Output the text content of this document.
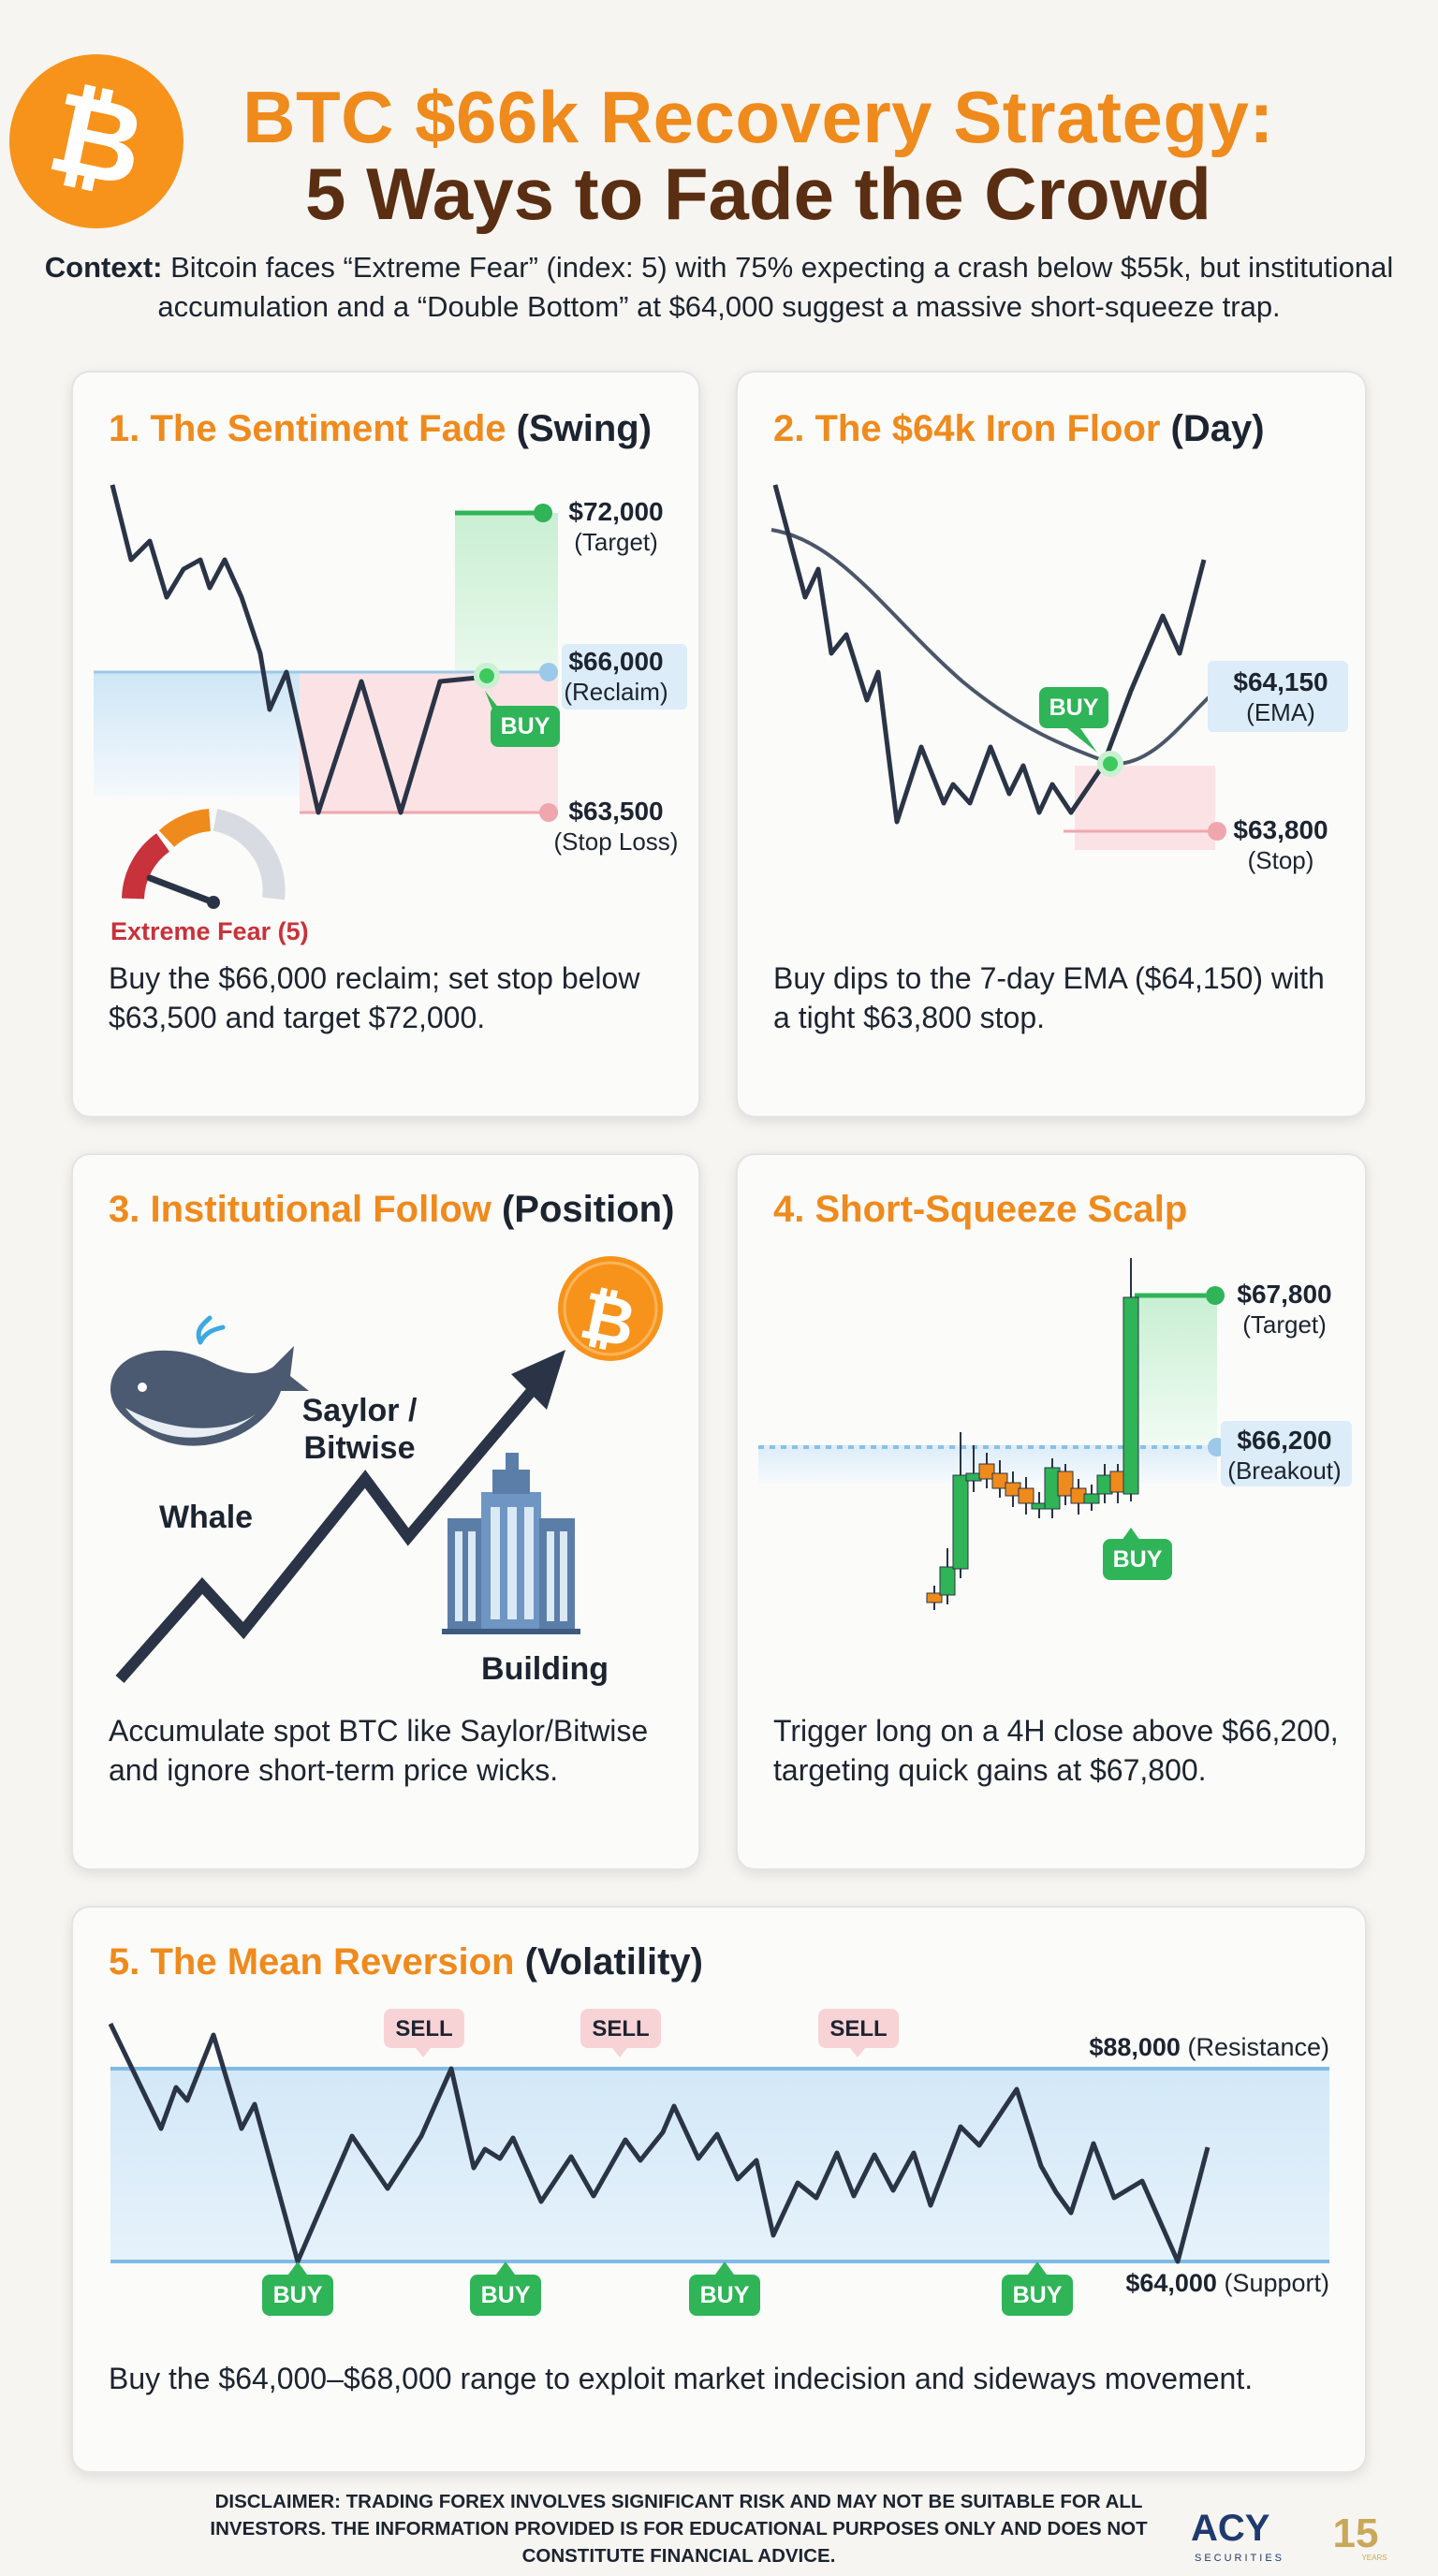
₿	BTC $66k Recovery Strategy:
5 Ways to Fade the Crowd
Context: Bitcoin faces “Extreme Fear” (index: 5) with 75% expecting a crash below $55k, but institutional accumulation and a “Double Bottom” at $64,000 suggest a massive short-squeeze trap.
1. The Sentiment Fade (Swing)
BUY
$72,000
(Target)
$66,000
(Reclaim)
$63,500
(Stop Loss)
Extreme Fear (5)
Buy the $66,000 reclaim; set stop below
$63,500 and target $72,000.
2. The $64k Iron Floor (Day)
BUY
$64,150
(EMA)
$63,800
(Stop)
Buy dips to the 7-day EMA ($64,150) with
a tight $63,800 stop.
3. Institutional Follow (Position)
₿
Whale
Saylor /
Bitwise
Building
Accumulate spot BTC like Saylor/Bitwise
and ignore short-term price wicks.
4. Short-Squeeze Scalp
BUY
$67,800
(Target)
$66,200
(Breakout)
Trigger long on a 4H close above $66,200,
targeting quick gains at $67,800.
5. The Mean Reversion (Volatility)
SELL	SELL	SELL
BUY	BUY	BUY	BUY
$88,000 (Resistance)
$64,000 (Support)
Buy the $64,000–$68,000 range to exploit market indecision and sideways movement.
DISCLAIMER: TRADING FOREX INVOLVES SIGNIFICANT RISK AND MAY NOT BE SUITABLE FOR ALL
INVESTORS. THE INFORMATION PROVIDED IS FOR EDUCATIONAL PURPOSES ONLY AND DOES NOT
CONSTITUTE FINANCIAL ADVICE.
ACY
SECURITIES
15
YEARS
